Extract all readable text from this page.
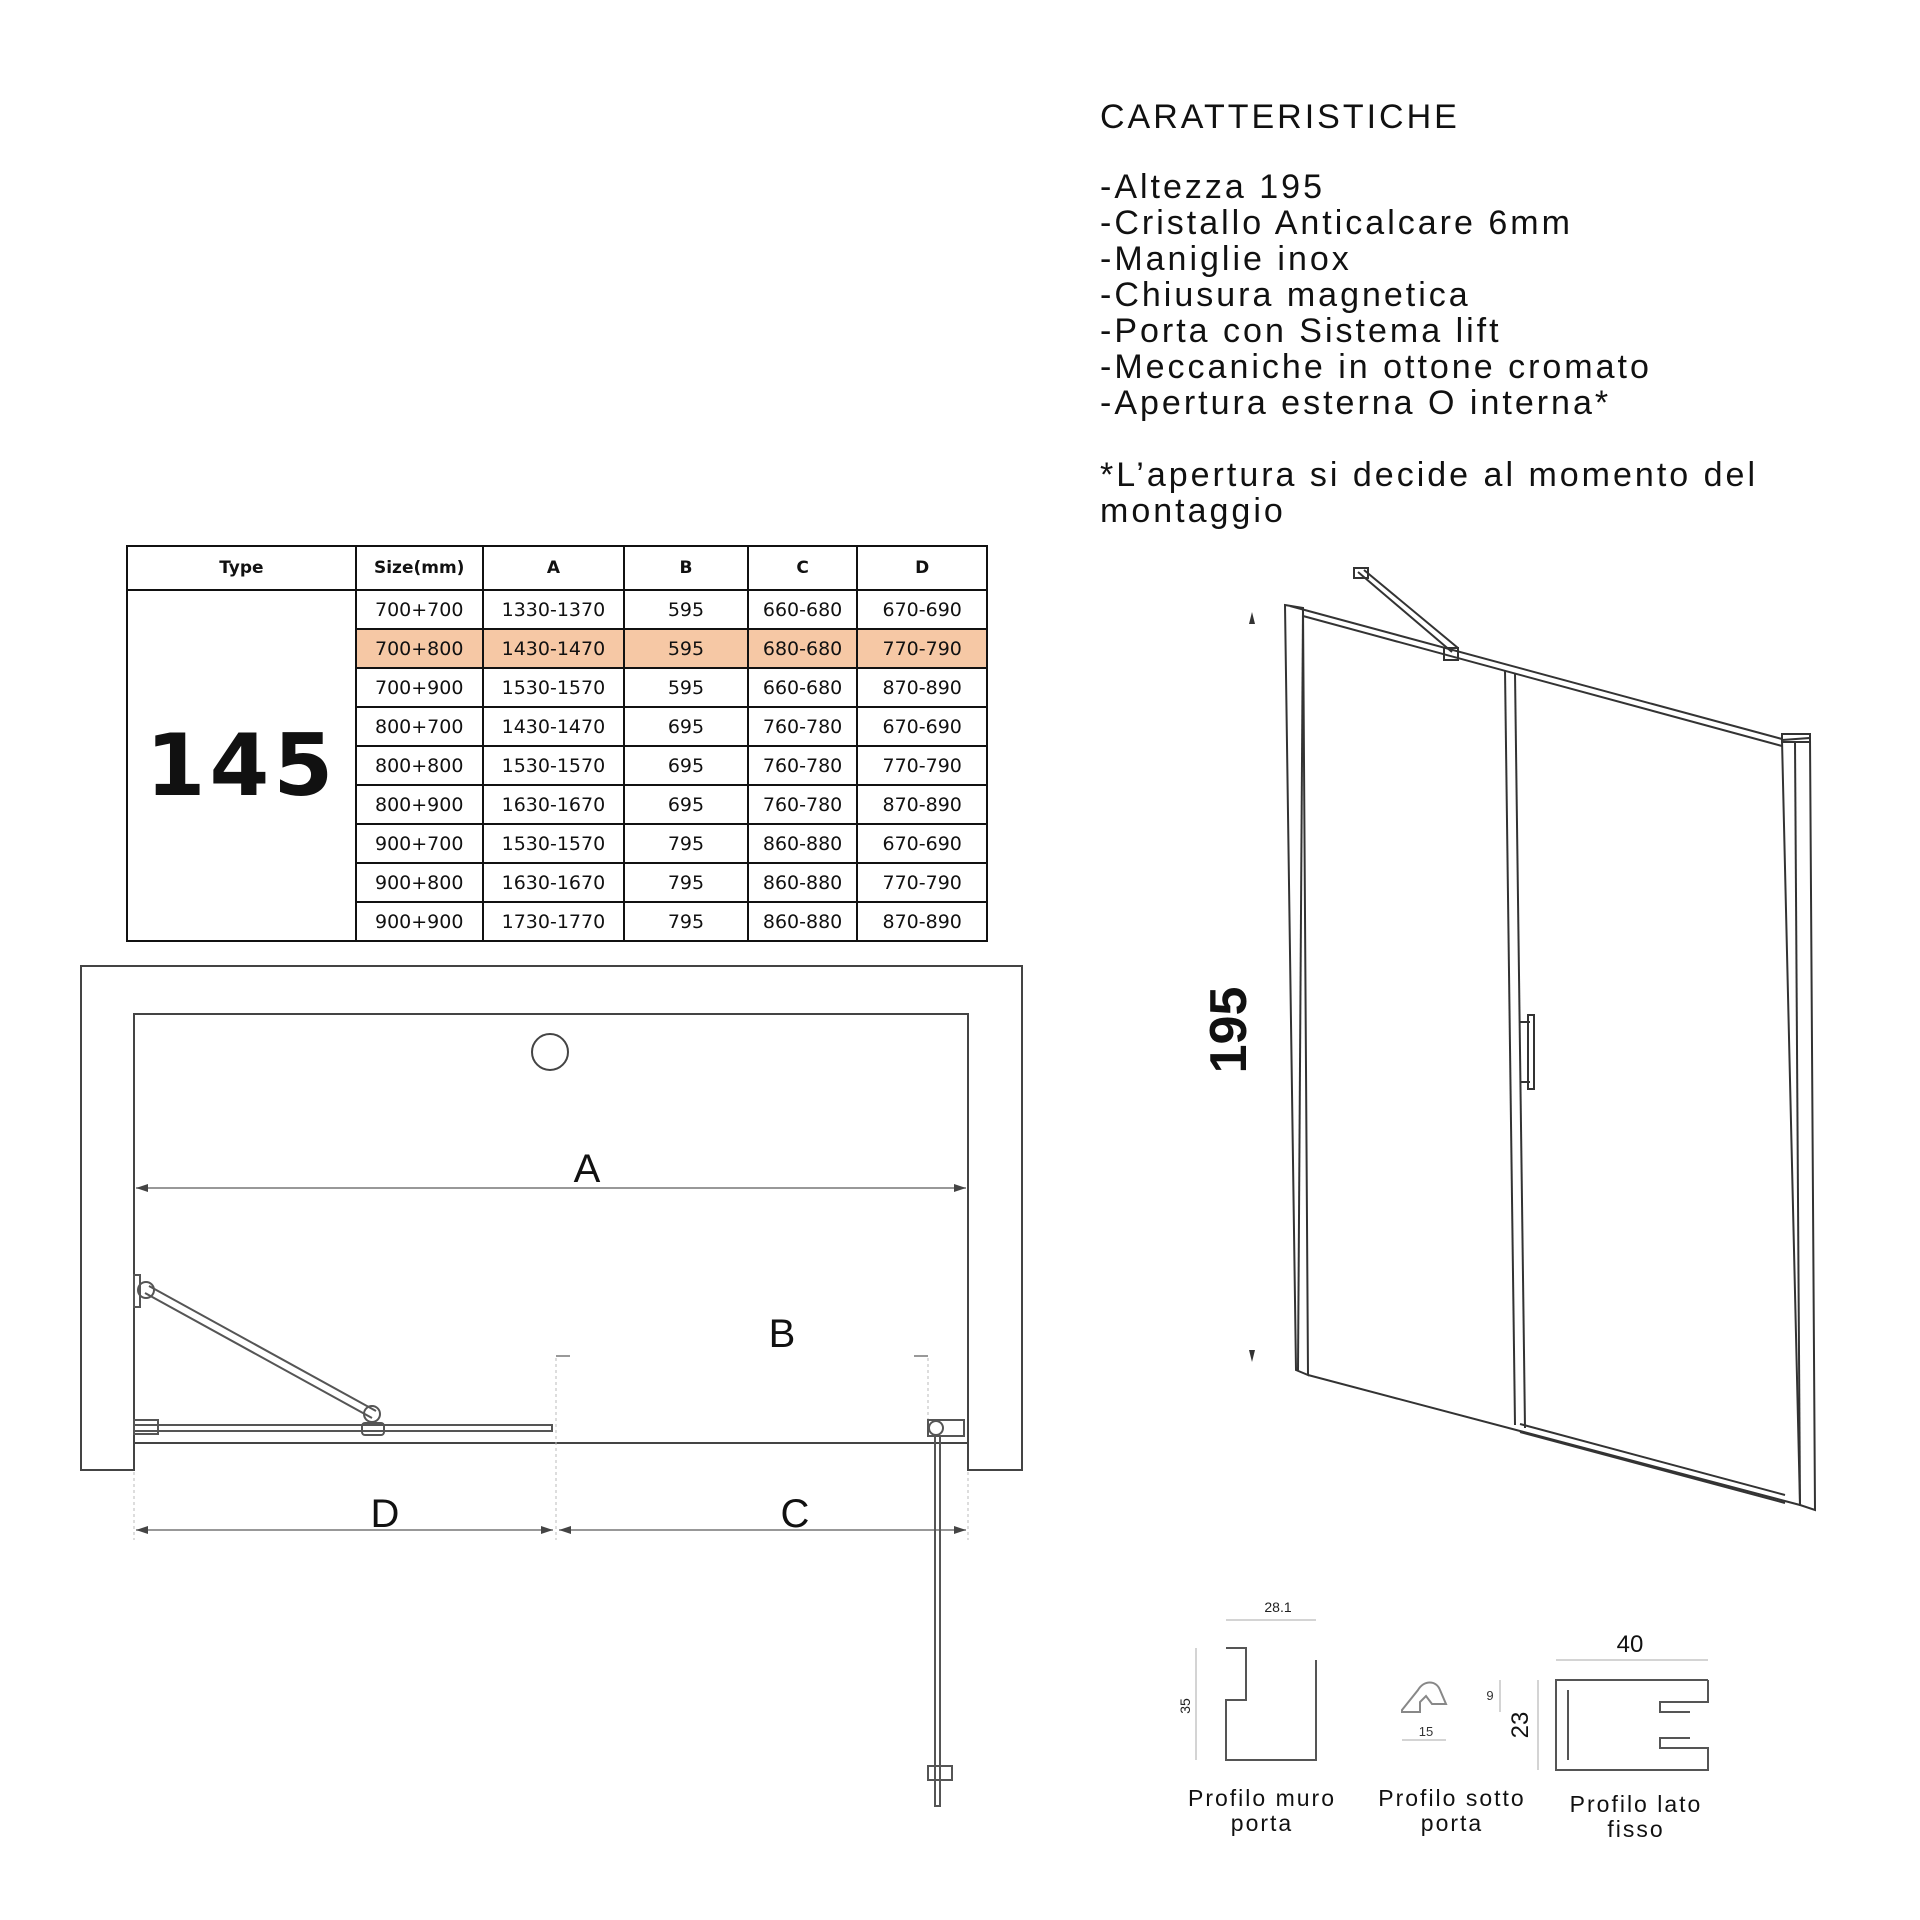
CARATTERISTICHE
-Altezza 195
-Cristallo Anticalcare 6mm
-Maniglie inox
-Chiusura magnetica
-Porta con Sistema lift
-Meccaniche in ottone cromato
-Apertura esterna O interna*
*L’apertura si decide al momento del montaggio
Type	Size(mm)	A	B	C	D
145	700+700	1330-1370	595	660-680	670-690
	700+800	1430-1470	595	680-680	770-790
	700+900	1530-1570	595	660-680	870-890
	800+700	1430-1470	695	760-780	670-690
	800+800	1530-1570	695	760-780	770-790
	800+900	1630-1670	695	760-780	870-890
	900+700	1530-1570	795	860-880	670-690
	900+800	1630-1670	795	860-880	770-790
	900+900	1730-1770	795	860-880	870-890
A
B
D	C
195
28.1
35
Profilo muro
porta
15
9
Profilo sotto
porta
40
23
Profilo lato
fisso
